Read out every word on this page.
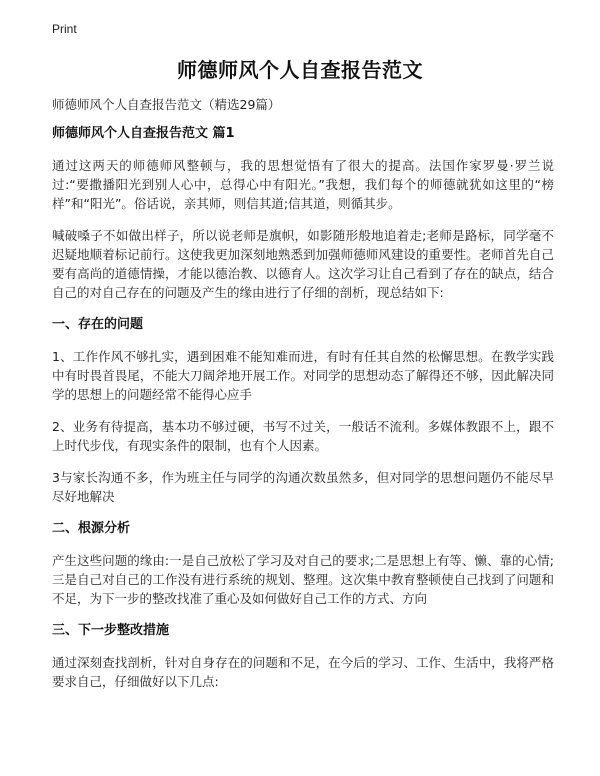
Print
师德师风个人自查报告范文
师德师风个人自查报告范文（精选29篇）
师德师风个人自查报告范文 篇1

通过这两天的师德师风整顿与，我的思想觉悟有了很大的提高。法国作家罗曼·罗兰说过:“要撒播阳光到别人心中，总得心中有阳光。”我想，我们每个的师德就犹如这里的“榜样”和“阳光”。俗话说，亲其师，则信其道;信其道，则循其步。

喊破嗓子不如做出样子，所以说老师是旗帜，如影随形般地追着走;老师是路标，同学毫不迟疑地顺着标记前行。这使我更加深刻地熟悉到加强师德师风建设的重要性。老师首先自己要有高尚的道德情操，才能以德治教、以德育人。这次学习让自己看到了存在的缺点，结合自己的对自己存在的问题及产生的缘由进行了仔细的剖析，现总结如下:

一、存在的问题

1、工作作风不够扎实，遇到困难不能知难而进，有时有任其自然的松懈思想。在教学实践中有时畏首畏尾，不能大刀阔斧地开展工作。对同学的思想动态了解得还不够，因此解决同学的思想上的问题经常不能得心应手

2、业务有待提高，基本功不够过硬，书写不过关，一般话不流利。多媒体教跟不上，跟不上时代步伐，有现实条件的限制，也有个人因素。

3与家长沟通不多，作为班主任与同学的沟通次数虽然多，但对同学的思想问题仍不能尽早尽好地解决

二、根源分析

产生这些问题的缘由:一是自己放松了学习及对自己的要求;二是思想上有等、懒、靠的心情;三是自己对自己的工作没有进行系统的规划、整理。这次集中教育整顿使自己找到了问题和不足，为下一步的整改找准了重心及如何做好自己工作的方式、方向

三、下一步整改措施

通过深刻查找剖析，针对自身存在的问题和不足，在今后的学习、工作、生活中，我将严格要求自己，仔细做好以下几点:
